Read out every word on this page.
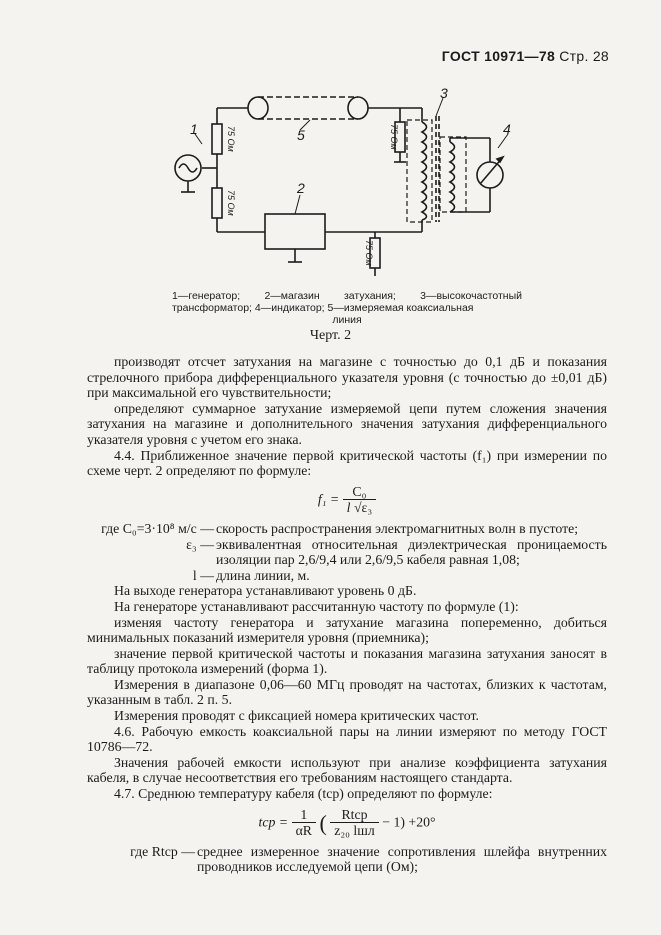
ГОСТ 10971—78 Стр. 28
1
2
3
4
5
75 Ом
75 Ом
75 Ом
75 Ом
1—генератор; 2—магазин затухания; 3—высокочастотный трансформатор; 4—индикатор; 5—измеряемая коаксиальная
линия
Черт. 2

производят отсчет затухания на магазине с точностью до 0,1 дБ и показания стрелочного прибора дифференциального указателя уровня (с точностью до ±0,01 дБ) при максимальной его чувствительности;

определяют суммарное затухание измеряемой цепи путем сложения значения затухания на магазине и дополнительного значения затухания дифференциального указателя уровня с учетом его знака.

4.4. Приближенное значение первой критической частоты (f₁) при измерении по схеме черт. 2 определяют по формуле:

$f_1 = \frac{\text{C₀}}{\text{l √ε₃}}$
где C₀=3·10⁸ м/с — скорость распространения электромагнитных волн в пустоте;
ε₃ — эквивалентная относительная диэлектрическая проницаемость изоляции пар 2,6/9,4 или 2,6/9,5 кабеля равная 1,08;
l — длина линии, м.

На выходе генератора устанавливают уровень 0 дБ.

На генераторе устанавливают рассчитанную частоту по формуле (1):

изменяя частоту генератора и затухание магазина попеременно, добиться минимальных показаний измерителя уровня (приемника);

значение первой критической частоты и показания магазина затухания заносят в таблицу протокола измерений (форма 1).

Измерения в диапазоне 0,06—60 МГц проводят на частотах, близких к частотам, указанным в табл. 2 п. 5.

Измерения проводят с фиксацией номера критических частот.

4.6. Рабочую емкость коаксиальной пары на линии измеряют по методу ГОСТ 10786—72.

Значения рабочей емкости используют при анализе коэффициента затухания кабеля, в случае несоответствия его требованиям настоящего стандарта.

4.7. Среднюю температуру кабеля (tср) определяют по формуле:

tср = $\frac{1}{\alpha R}$ ( $\frac{\text{Rtср}}{\text{z₂₀ lшл}} - 1) +20^\circ$
где Rtср — среднее измеренное значение сопротивления шлейфа внутренних проводников исследуемой цепи (Ом);
